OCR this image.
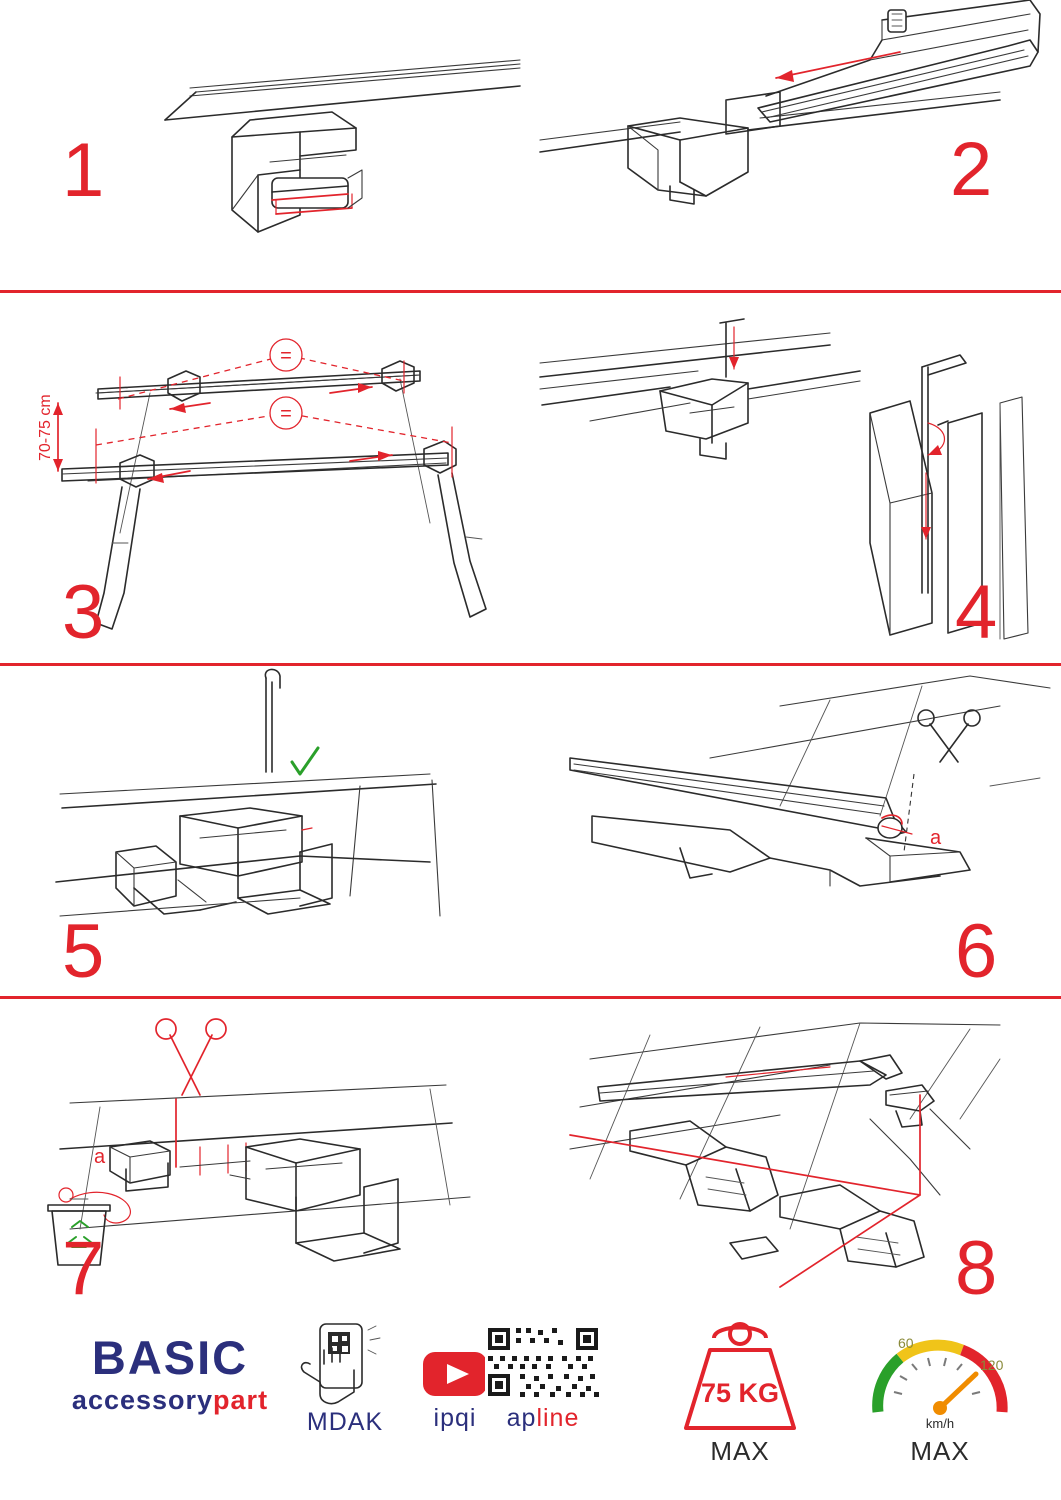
1	2
=
=
70-75 cm
3	4
5
a
6
a
7	8
BASIC
accessorypart
MDAK	ipqi	apline
75 KG
MAX
60
120
km/h
MAX
